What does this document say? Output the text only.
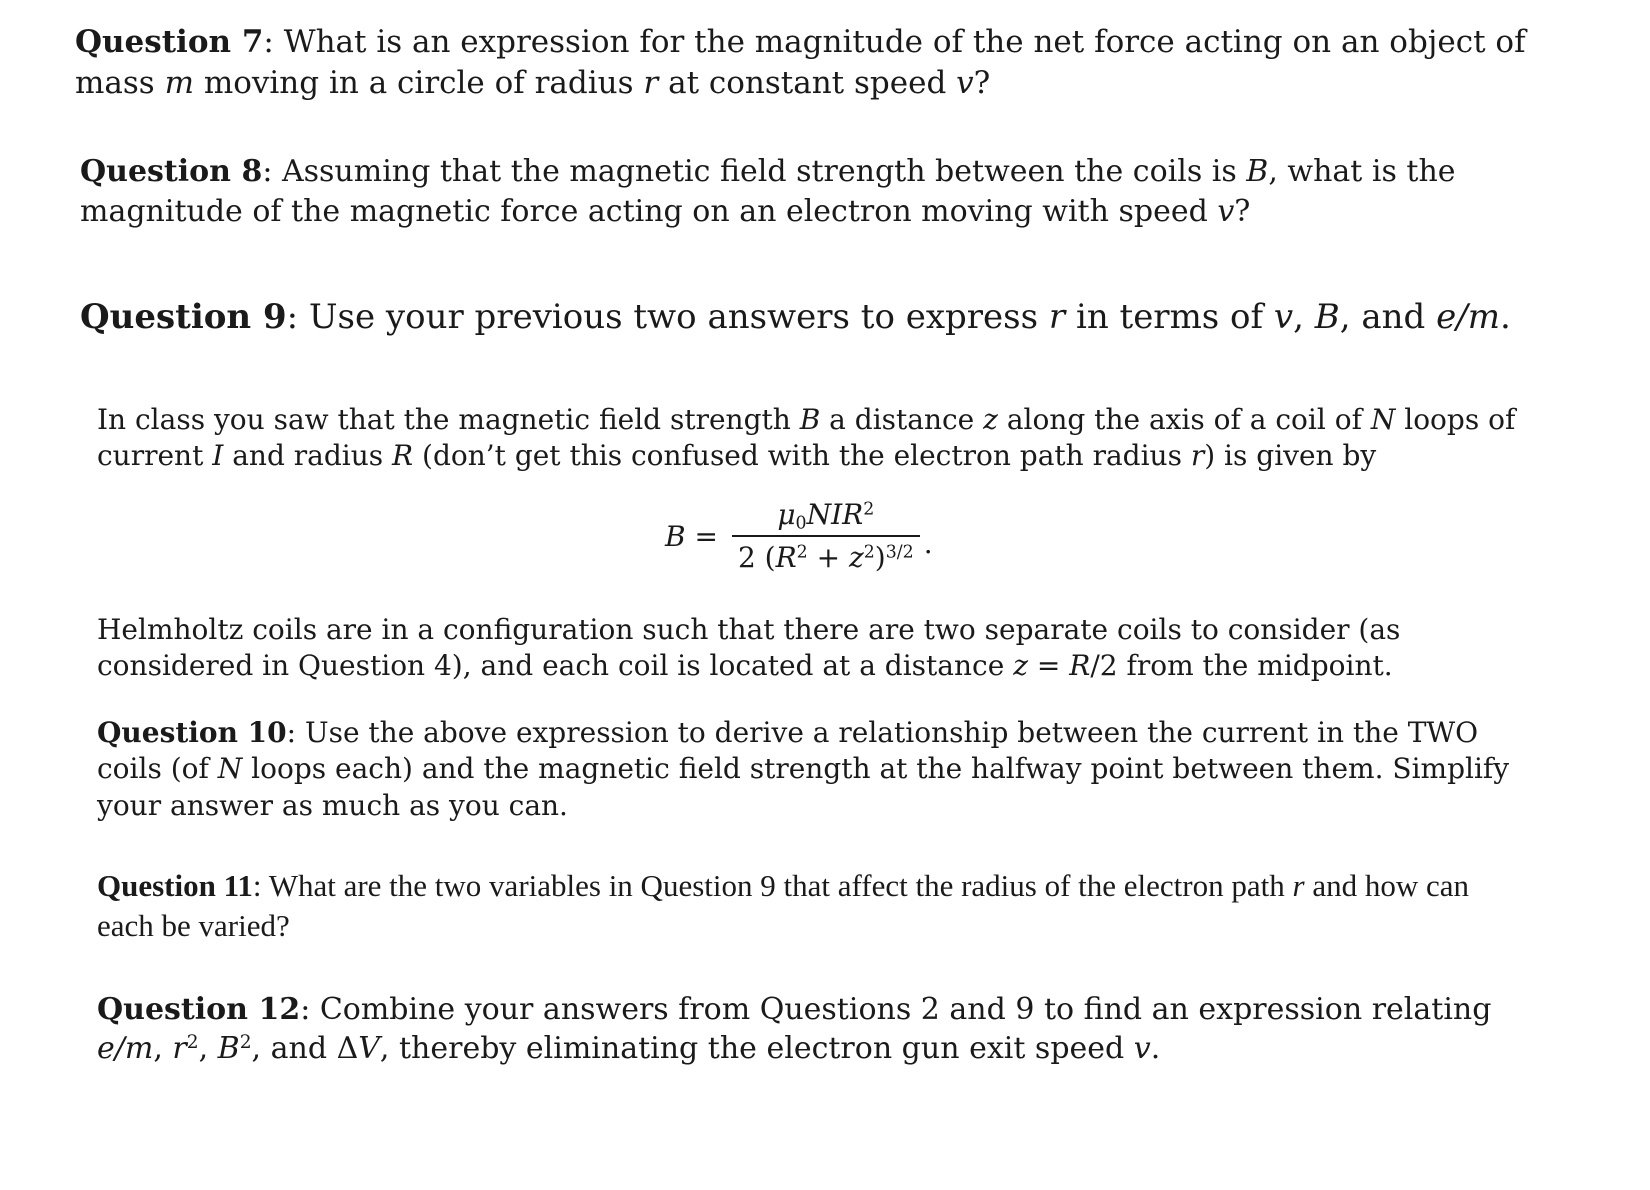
Question 7: What is an expression for the magnitude of the net force acting on an object of mass m moving in a circle of radius r at constant speed v?
Question 8: Assuming that the magnetic field strength between the coils is B, what is the magnitude of the magnetic force acting on an electron moving with speed v?
Question 9: Use your previous two answers to express r in terms of v, B, and e/m.
In class you saw that the magnetic field strength B a distance z along the axis of a coil of N loops of current I and radius R (don’t get this confused with the electron path radius r) is given by
$B = \frac{\mu_0NIR^2}{2 (R^2 + z^2)^{3/2}}$ .
Helmholtz coils are in a configuration such that there are two separate coils to consider (as considered in Question 4), and each coil is located at a distance z = R/2 from the midpoint.
Question 10: Use the above expression to derive a relationship between the current in the TWO coils (of N loops each) and the magnetic field strength at the halfway point between them. Simplify your answer as much as you can.
Question 11: What are the two variables in Question 9 that affect the radius of the electron path r and how can each be varied?
Question 12: Combine your answers from Questions 2 and 9 to find an expression relating e/m, $r^2$, $B^2$, and ΔV, thereby eliminating the electron gun exit speed v.
